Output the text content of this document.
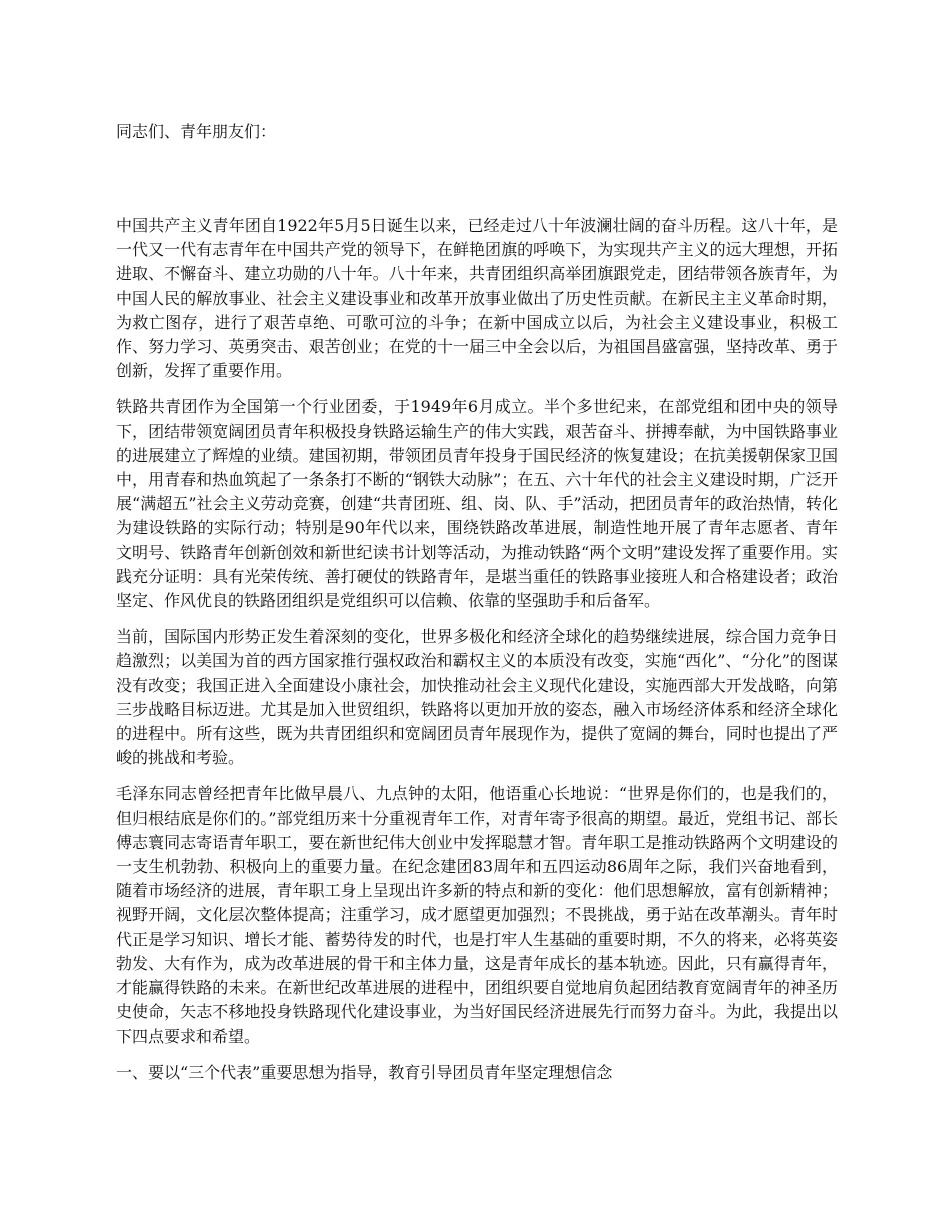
同志们、青年朋友们：

中国共产主义青年团自1922年5月5日诞生以来，已经走过八十年波澜壮阔的奋斗历程。这八十年，是一代又一代有志青年在中国共产党的领导下，在鲜艳团旗的呼唤下，为实现共产主义的远大理想，开拓进取、不懈奋斗、建立功勋的八十年。八十年来，共青团组织高举团旗跟党走，团结带领各族青年，为中国人民的解放事业、社会主义建设事业和改革开放事业做出了历史性贡献。在新民主主义革命时期，为救亡图存，进行了艰苦卓绝、可歌可泣的斗争；在新中国成立以后，为社会主义建设事业，积极工作、努力学习、英勇突击、艰苦创业；在党的十一届三中全会以后，为祖国昌盛富强，坚持改革、勇于创新，发挥了重要作用。

铁路共青团作为全国第一个行业团委，于1949年6月成立。半个多世纪来，在部党组和团中央的领导下，团结带领宽阔团员青年积极投身铁路运输生产的伟大实践，艰苦奋斗、拼搏奉献，为中国铁路事业的进展建立了辉煌的业绩。建国初期，带领团员青年投身于国民经济的恢复建设；在抗美援朝保家卫国中，用青春和热血筑起了一条条打不断的“钢铁大动脉”；在五、六十年代的社会主义建设时期，广泛开展“满超五”社会主义劳动竞赛，创建“共青团班、组、岗、队、手”活动，把团员青年的政治热情，转化为建设铁路的实际行动；特别是90年代以来，围绕铁路改革进展，制造性地开展了青年志愿者、青年文明号、铁路青年创新创效和新世纪读书计划等活动，为推动铁路“两个文明”建设发挥了重要作用。实践充分证明：具有光荣传统、善打硬仗的铁路青年，是堪当重任的铁路事业接班人和合格建设者；政治坚定、作风优良的铁路团组织是党组织可以信赖、依靠的坚强助手和后备军。

当前，国际国内形势正发生着深刻的变化，世界多极化和经济全球化的趋势继续进展，综合国力竞争日趋激烈；以美国为首的西方国家推行强权政治和霸权主义的本质没有改变，实施“西化”、“分化”的图谋没有改变；我国正进入全面建设小康社会，加快推动社会主义现代化建设，实施西部大开发战略，向第三步战略目标迈进。尤其是加入世贸组织，铁路将以更加开放的姿态，融入市场经济体系和经济全球化的进程中。所有这些，既为共青团组织和宽阔团员青年展现作为，提供了宽阔的舞台，同时也提出了严峻的挑战和考验。

毛泽东同志曾经把青年比做早晨八、九点钟的太阳，他语重心长地说：“世界是你们的，也是我们的，但归根结底是你们的。”部党组历来十分重视青年工作，对青年寄予很高的期望。最近，党组书记、部长傅志寰同志寄语青年职工，要在新世纪伟大创业中发挥聪慧才智。青年职工是推动铁路两个文明建设的一支生机勃勃、积极向上的重要力量。在纪念建团83周年和五四运动86周年之际，我们兴奋地看到，随着市场经济的进展，青年职工身上呈现出许多新的特点和新的变化：他们思想解放，富有创新精神；视野开阔，文化层次整体提高；注重学习，成才愿望更加强烈；不畏挑战，勇于站在改革潮头。青年时代正是学习知识、增长才能、蓄势待发的时代，也是打牢人生基础的重要时期，不久的将来，必将英姿勃发、大有作为，成为改革进展的骨干和主体力量，这是青年成长的基本轨迹。因此，只有赢得青年，才能赢得铁路的未来。在新世纪改革进展的进程中，团组织要自觉地肩负起团结教育宽阔青年的神圣历史使命，矢志不移地投身铁路现代化建设事业，为当好国民经济进展先行而努力奋斗。为此，我提出以下四点要求和希望。

一、要以“三个代表”重要思想为指导，教育引导团员青年坚定理想信念
